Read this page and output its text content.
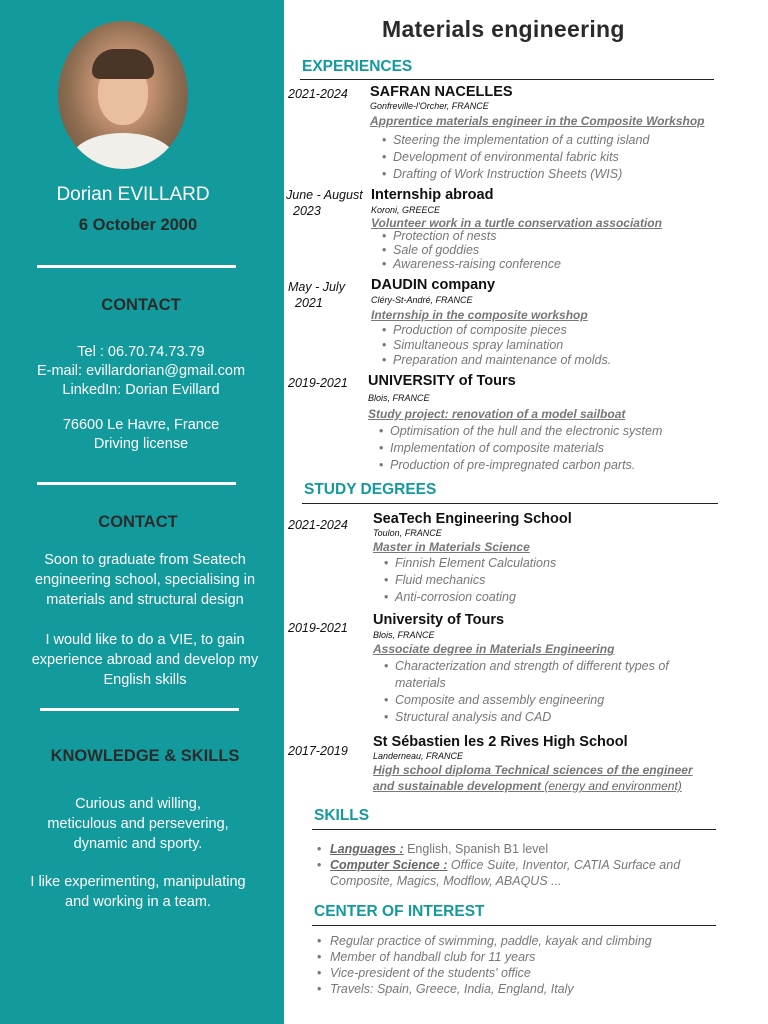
Dorian EVILLARD
6 October 2000
CONTACT
Tel : 06.70.74.73.79
E-mail: evillardorian@gmail.com
LinkedIn: Dorian Evillard
76600 Le Havre, France
Driving license
CONTACT
Soon to graduate from Seatech
engineering school, specialising in
materials and structural design
I would like to do a VIE, to gain
experience abroad and develop my
English skills
KNOWLEDGE & SKILLS
Curious and willing,
meticulous and persevering,
dynamic and sporty.
I like experimenting, manipulating
and working in a team.
Materials engineering
EXPERIENCES
2021-2024 SAFRAN NACELLES
Gonfreville-l'Orcher, FRANCE
Apprentice materials engineer in the Composite Workshop
• Steering the implementation of a cutting island
• Development of environmental fabric kits
• Drafting of Work Instruction Sheets (WIS)
June - August
2023
Internship abroad
Koroni, GREECE
Volunteer work in a turtle conservation association
• Protection of nests
• Sale of goddies
• Awareness-raising conference
May - July
2021
DAUDIN company
Cléry-St-André, FRANCE
Internship in the composite workshop
• Production of composite pieces
• Simultaneous spray lamination
• Preparation and maintenance of molds.
2019-2021 UNIVERSITY of Tours
Blois, FRANCE
Study project: renovation of a model sailboat
• Optimisation of the hull and the electronic system
• Implementation of composite materials
• Production of pre-impregnated carbon parts.
STUDY DEGREES
2021-2024 SeaTech Engineering School
Toulon, FRANCE
Master in Materials Science
• Finnish Element Calculations
• Fluid mechanics
• Anti-corrosion coating
2019-2021 University of Tours
Blois, FRANCE
Associate degree in Materials Engineering
• Characterization and strength of different types of materials
• Composite and assembly engineering
• Structural analysis and CAD
2017-2019
St Sébastien les 2 Rives High School
Landerneau, FRANCE
High school diploma Technical sciences of the engineer
and sustainable development (energy and environment)
SKILLS
• Languages : English, Spanish B1 level
• Computer Science : Office Suite, Inventor, CATIA Surface and Composite, Magics, Modflow, ABAQUS ...
CENTER OF INTEREST
• Regular practice of swimming, paddle, kayak and climbing
• Member of handball club for 11 years
• Vice-president of the students' office
• Travels: Spain, Greece, India, England, Italy
